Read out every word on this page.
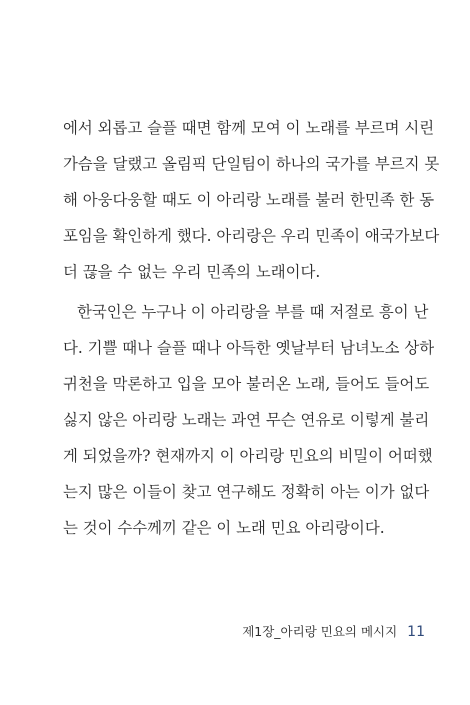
에서 외롭고 슬플 때면 함께 모여 이 노래를 부르며 시린
가슴을 달랬고 올림픽 단일팀이 하나의 국가를 부르지 못
해 아웅다웅할 때도 이 아리랑 노래를 불러 한민족 한 동
포임을 확인하게 했다. 아리랑은 우리 민족이 애국가보다
더 끊을 수 없는 우리 민족의 노래이다.
한국인은 누구나 이 아리랑을 부를 때 저절로 흥이 난
다. 기쁠 때나 슬플 때나 아득한 옛날부터 남녀노소 상하
귀천을 막론하고 입을 모아 불러온 노래, 들어도 들어도
싫지 않은 아리랑 노래는 과연 무슨 연유로 이렇게 불리
게 되었을까? 현재까지 이 아리랑 민요의 비밀이 어떠했
는지 많은 이들이 찾고 연구해도 정확히 아는 이가 없다
는 것이 수수께끼 같은 이 노래 민요 아리랑이다.
제1장_아리랑 민요의 메시지 11
